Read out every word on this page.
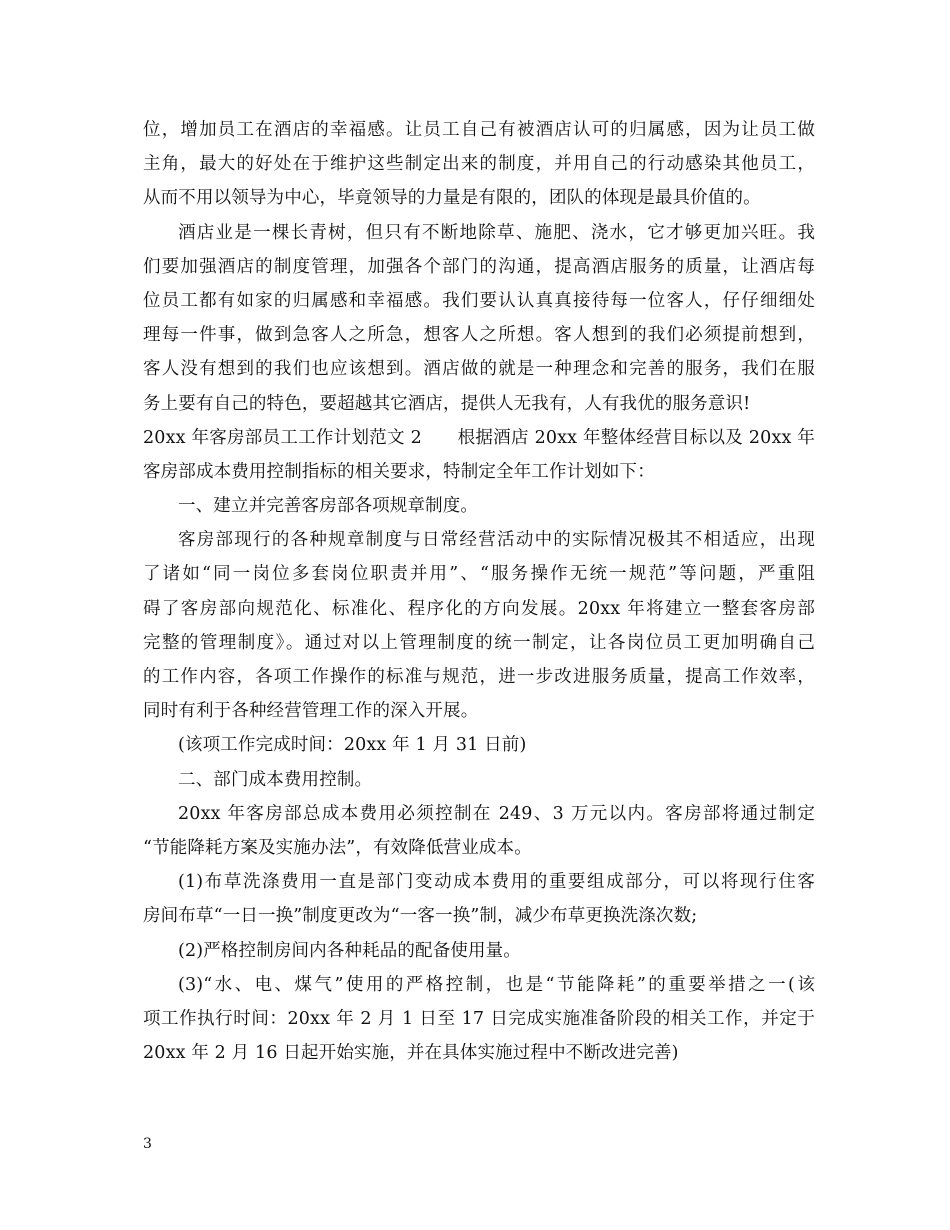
位，增加员工在酒店的幸福感。让员工自己有被酒店认可的归属感，因为让员工做
主角，最大的好处在于维护这些制定出来的制度，并用自己的行动感染其他员工，
从而不用以领导为中心，毕竟领导的力量是有限的，团队的体现是最具价值的。
酒店业是一棵长青树，但只有不断地除草、施肥、浇水，它才够更加兴旺。我
们要加强酒店的制度管理，加强各个部门的沟通，提高酒店服务的质量，让酒店每
位员工都有如家的归属感和幸福感。我们要认认真真接待每一位客人，仔仔细细处
理每一件事，做到急客人之所急，想客人之所想。客人想到的我们必须提前想到，
客人没有想到的我们也应该想到。酒店做的就是一种理念和完善的服务，我们在服
务上要有自己的特色，要超越其它酒店，提供人无我有，人有我优的服务意识!
20xx 年客房部员工工作计划范文 2　　根据酒店 20xx 年整体经营目标以及 20xx 年
客房部成本费用控制指标的相关要求，特制定全年工作计划如下：
一、建立并完善客房部各项规章制度。
客房部现行的各种规章制度与日常经营活动中的实际情况极其不相适应，出现
了诸如“同一岗位多套岗位职责并用”、“服务操作无统一规范”等问题，严重阻
碍了客房部向规范化、标准化、程序化的方向发展。20xx 年将建立一整套客房部
完整的管理制度》。通过对以上管理制度的统一制定，让各岗位员工更加明确自己
的工作内容，各项工作操作的标准与规范，进一步改进服务质量，提高工作效率，
同时有利于各种经营管理工作的深入开展。
(该项工作完成时间：20xx 年 1 月 31 日前)
二、部门成本费用控制。
20xx 年客房部总成本费用必须控制在 249、3 万元以内。客房部将通过制定
“节能降耗方案及实施办法”，有效降低营业成本。
(1)布草洗涤费用一直是部门变动成本费用的重要组成部分，可以将现行住客
房间布草“一日一换”制度更改为“一客一换”制，减少布草更换洗涤次数;
(2)严格控制房间内各种耗品的配备使用量。
(3)“水、电、煤气”使用的严格控制，也是“节能降耗”的重要举措之一(该
项工作执行时间：20xx 年 2 月 1 日至 17 日完成实施准备阶段的相关工作，并定于
20xx 年 2 月 16 日起开始实施，并在具体实施过程中不断改进完善)
3
